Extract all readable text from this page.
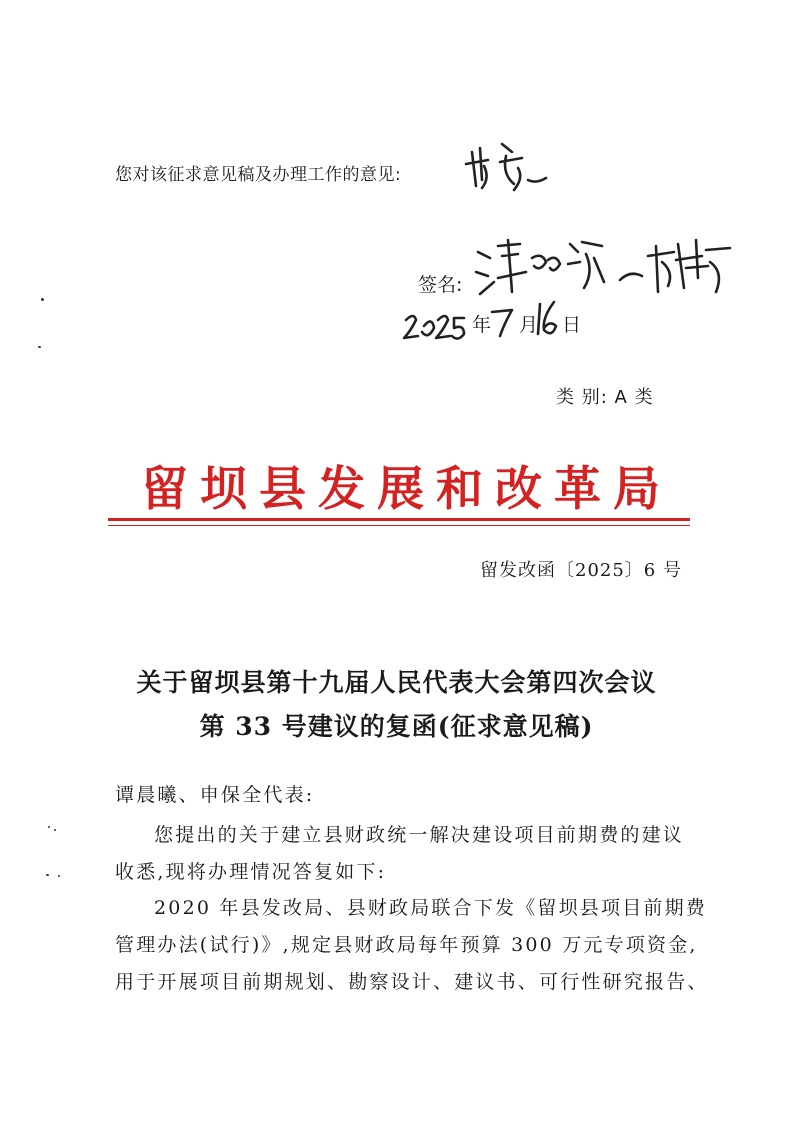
您对该征求意见稿及办理工作的意见:
签名:
年 月 日
类 别: A 类
留坝县发展和改革局
留发改函〔2025〕6 号
关于留坝县第十九届人民代表大会第四次会议
第 33 号建议的复函(征求意见稿)
谭晨曦、申保全代表:
您提出的关于建立县财政统一解决建设项目前期费的建议
收悉,现将办理情况答复如下:
2020 年县发改局、县财政局联合下发《留坝县项目前期费
管理办法(试行)》,规定县财政局每年预算 300 万元专项资金,
用于开展项目前期规划、勘察设计、建议书、可行性研究报告、
